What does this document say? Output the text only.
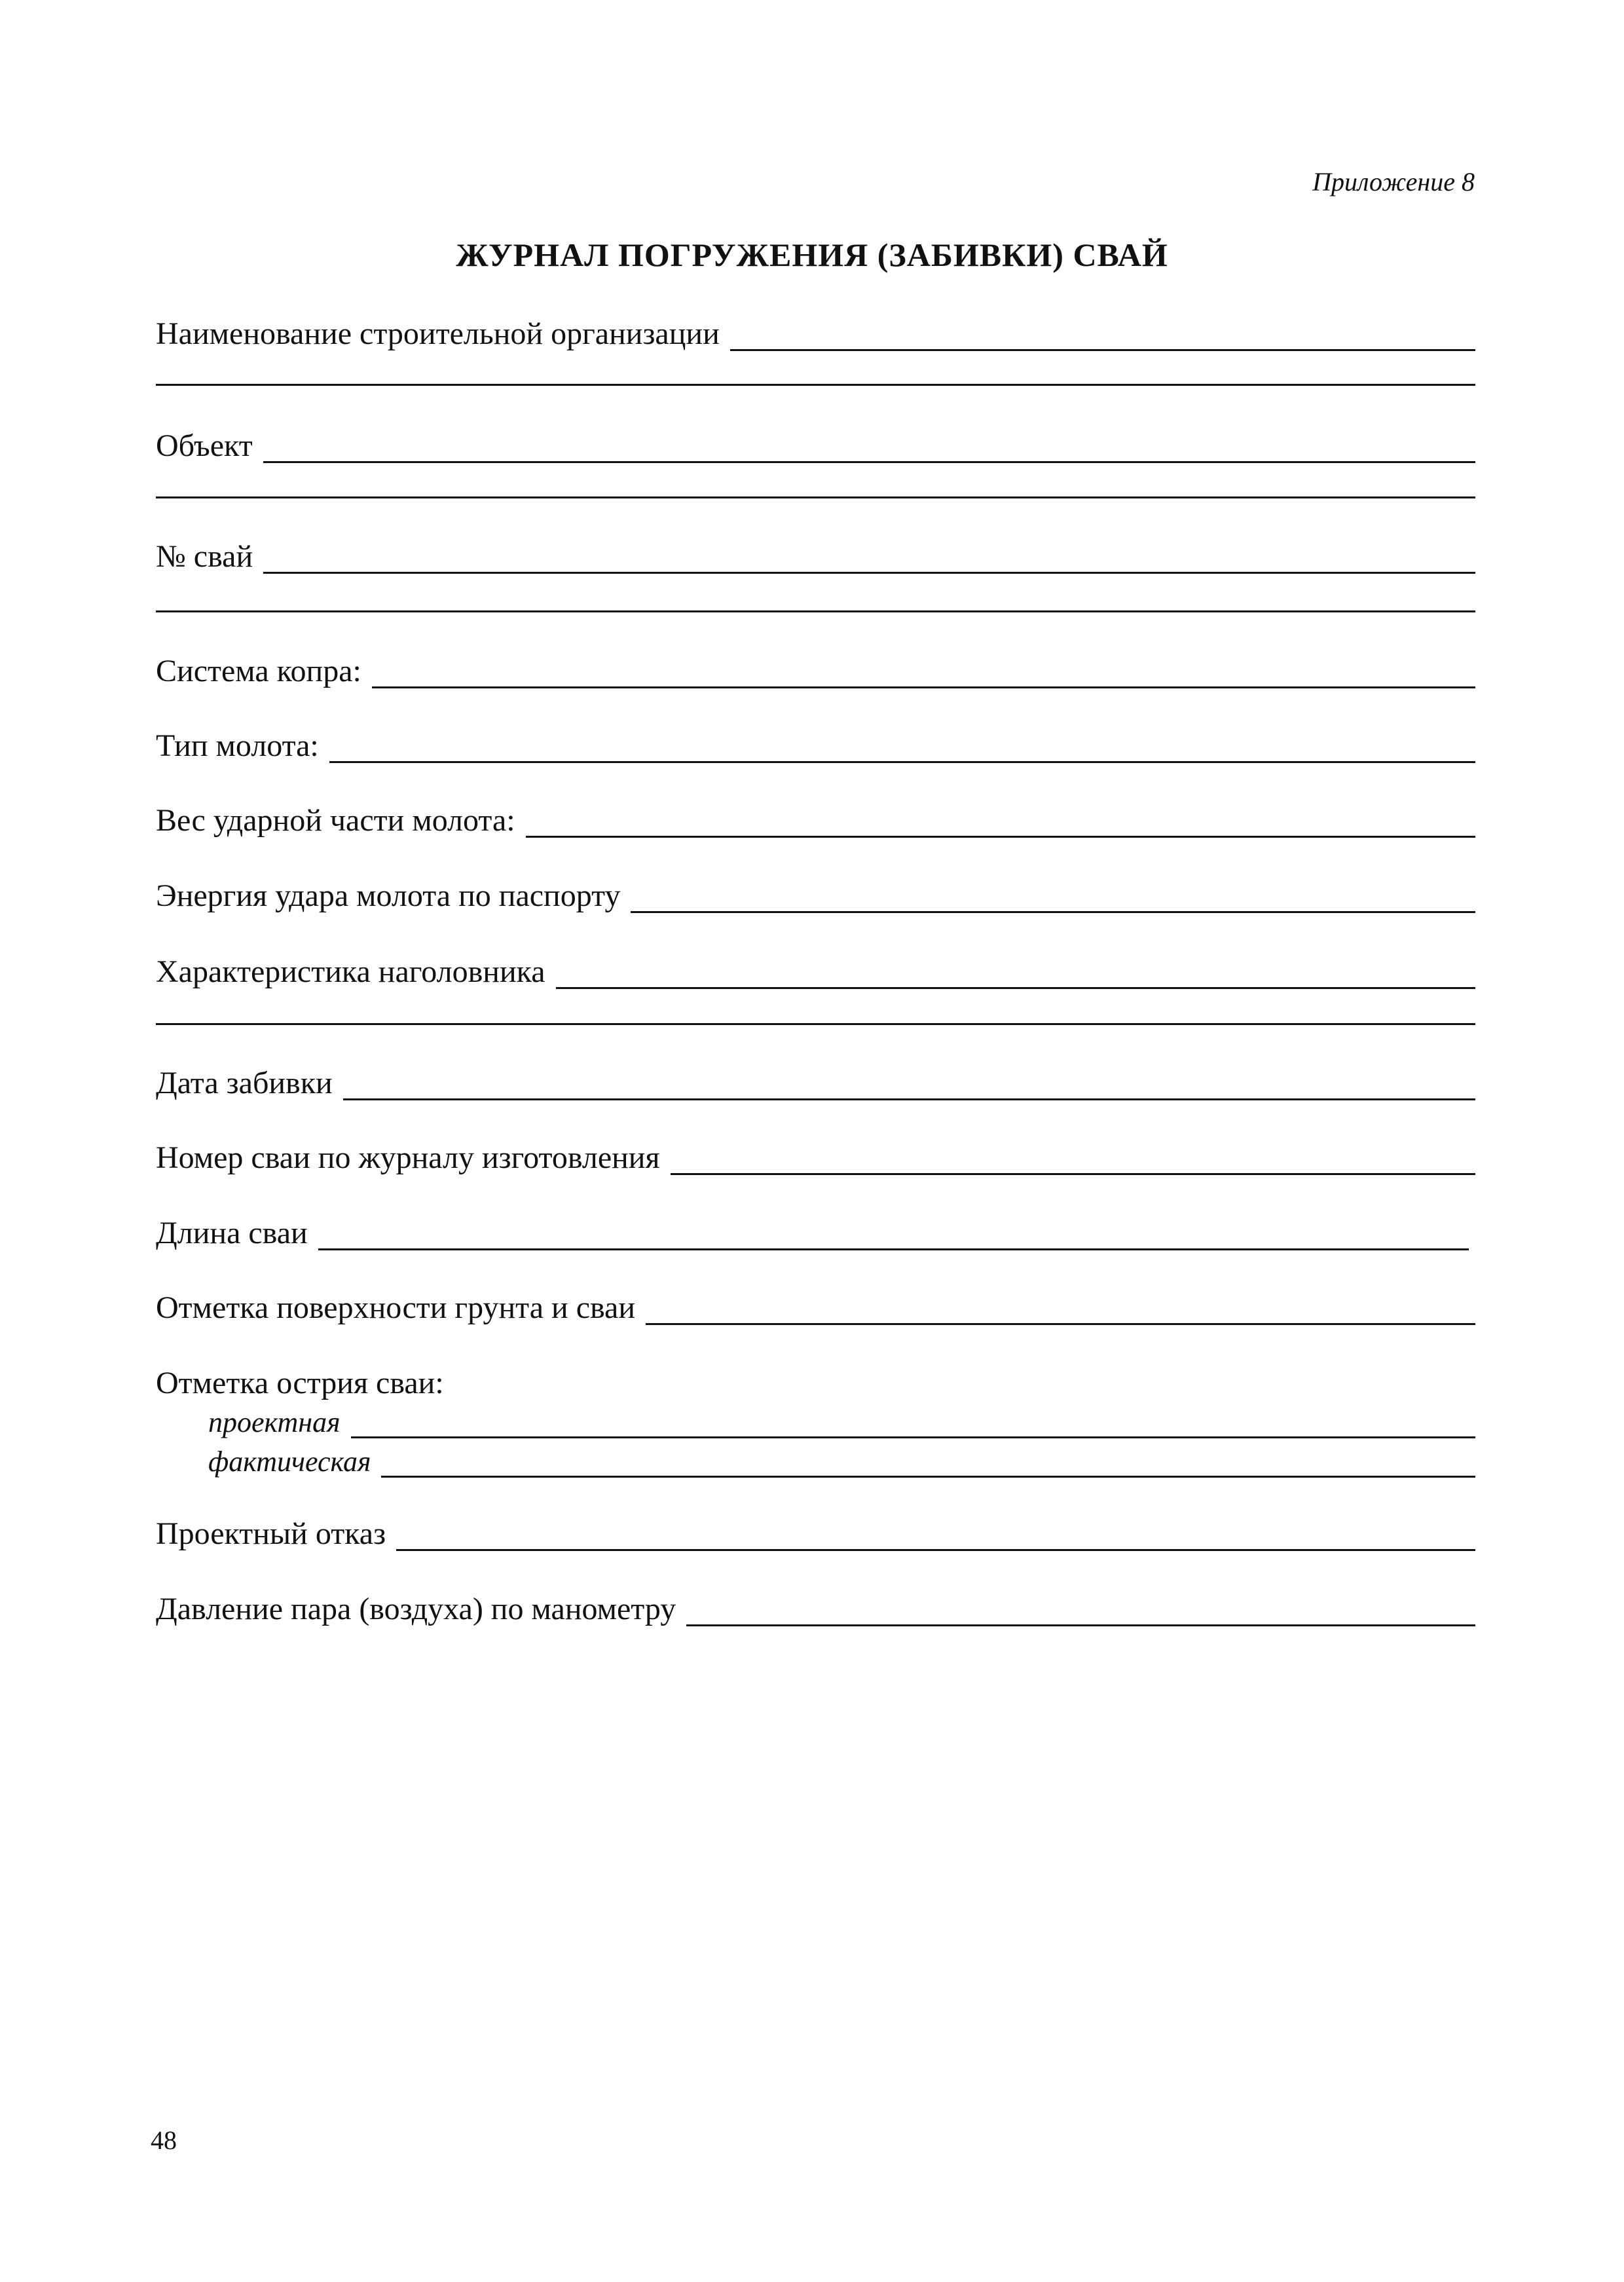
Приложение 8
ЖУРНАЛ ПОГРУЖЕНИЯ (ЗАБИВКИ) СВАЙ
Наименование строительной организации
Объект
№ свай
Система копра:
Тип молота:
Вес ударной части молота:
Энергия удара молота по паспорту
Характеристика наголовника
Дата забивки
Номер сваи по журналу изготовления
Длина сваи
Отметка поверхности грунта и сваи
Отметка острия сваи:
проектная
фактическая
Проектный отказ
Давление пара (воздуха) по манометру
48
